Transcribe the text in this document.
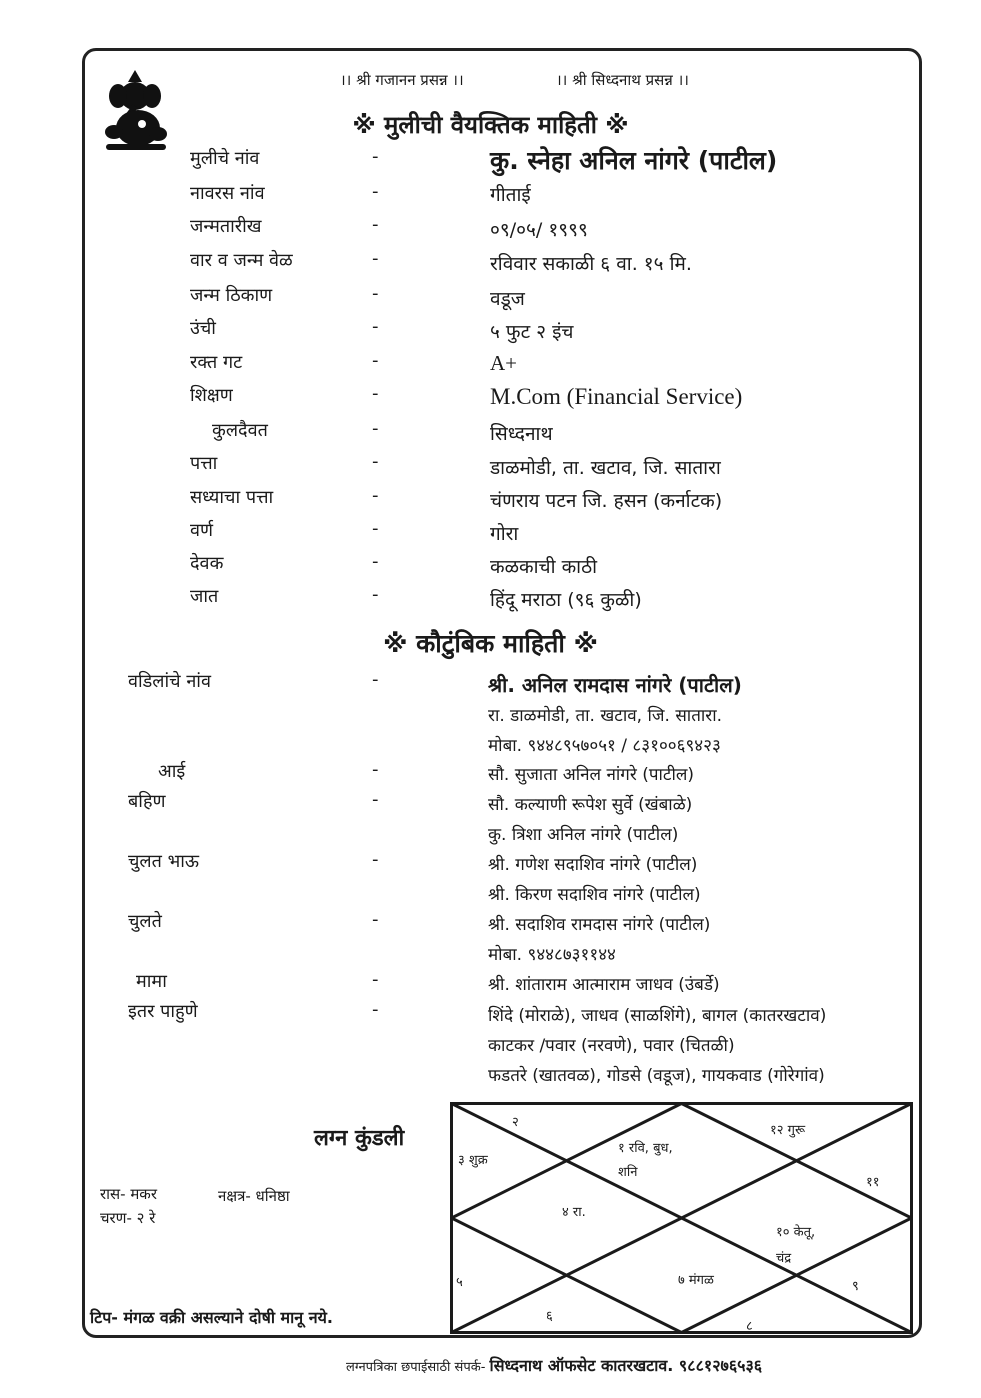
।। श्री गजानन प्रसन्न ।।	।। श्री सिध्दनाथ प्रसन्न ।।
※ मुलीची वैयक्तिक माहिती ※
मुलीचे नांव	-	कु. स्नेहा अनिल नांगरे (पाटील)
नावरस नांव	-	गीताई
जन्मतारीख	-	०९/०५/ १९९९
वार व जन्म वेळ	-	रविवार सकाळी ६ वा. १५ मि.
जन्म ठिकाण	-	वडूज
उंची	-	५ फुट २ इंच
रक्त गट	-	A+
शिक्षण	-	M.Com (Financial Service)
कुलदैवत	-	सिध्दनाथ
पत्ता	-	डाळमोडी, ता. खटाव, जि. सातारा
सध्याचा पत्ता	-	चंणराय पटन जि. हसन (कर्नाटक)
वर्ण	-	गोरा
देवक	-	कळकाची काठी
जात	-	हिंदू मराठा (९६ कुळी)
※ कौटुंबिक माहिती ※
वडिलांचे नांव	-	श्री. अनिल रामदास नांगरे (पाटील)
रा. डाळमोडी, ता. खटाव, जि. सातारा.
मोबा. ९४४८९५७०५१ / ८३१००६९४२३
आई	-	सौ. सुजाता अनिल नांगरे (पाटील)
बहिण	-	सौ. कल्याणी रूपेश सुर्वे (खंबाळे)
कु. त्रिशा अनिल नांगरे (पाटील)
चुलत भाऊ	-	श्री. गणेश सदाशिव नांगरे (पाटील)
श्री. किरण सदाशिव नांगरे (पाटील)
चुलते	-	श्री. सदाशिव रामदास नांगरे (पाटील)
मोबा. ९४४८७३११४४
मामा	-	श्री. शांताराम आत्माराम जाधव (उंबर्डे)
इतर पाहुणे	-	शिंदे (मोराळे), जाधव (साळशिंगे), बागल (कातरखटाव)
काटकर /पवार (नरवणे), पवार (चितळी)
फडतरे (खातवळ), गोडसे (वडूज), गायकवाड (गोरेगांव)
लग्न कुंडली
रास- मकर	नक्षत्र- धनिष्ठा
चरण- २ रे
२
३ शुक्र
१ रवि, बुध,
शनि
१२ गुरू
११
४ रा.
१० केतू,
चंद्र
५	७ मंगळ	९
६
८
टिप- मंगळ वक्री असल्याने दोषी मानू नये.
लग्नपत्रिका छपाईसाठी संपर्क- सिध्दनाथ ऑफसेट कातरखटाव. ९८८१२७६५३६
